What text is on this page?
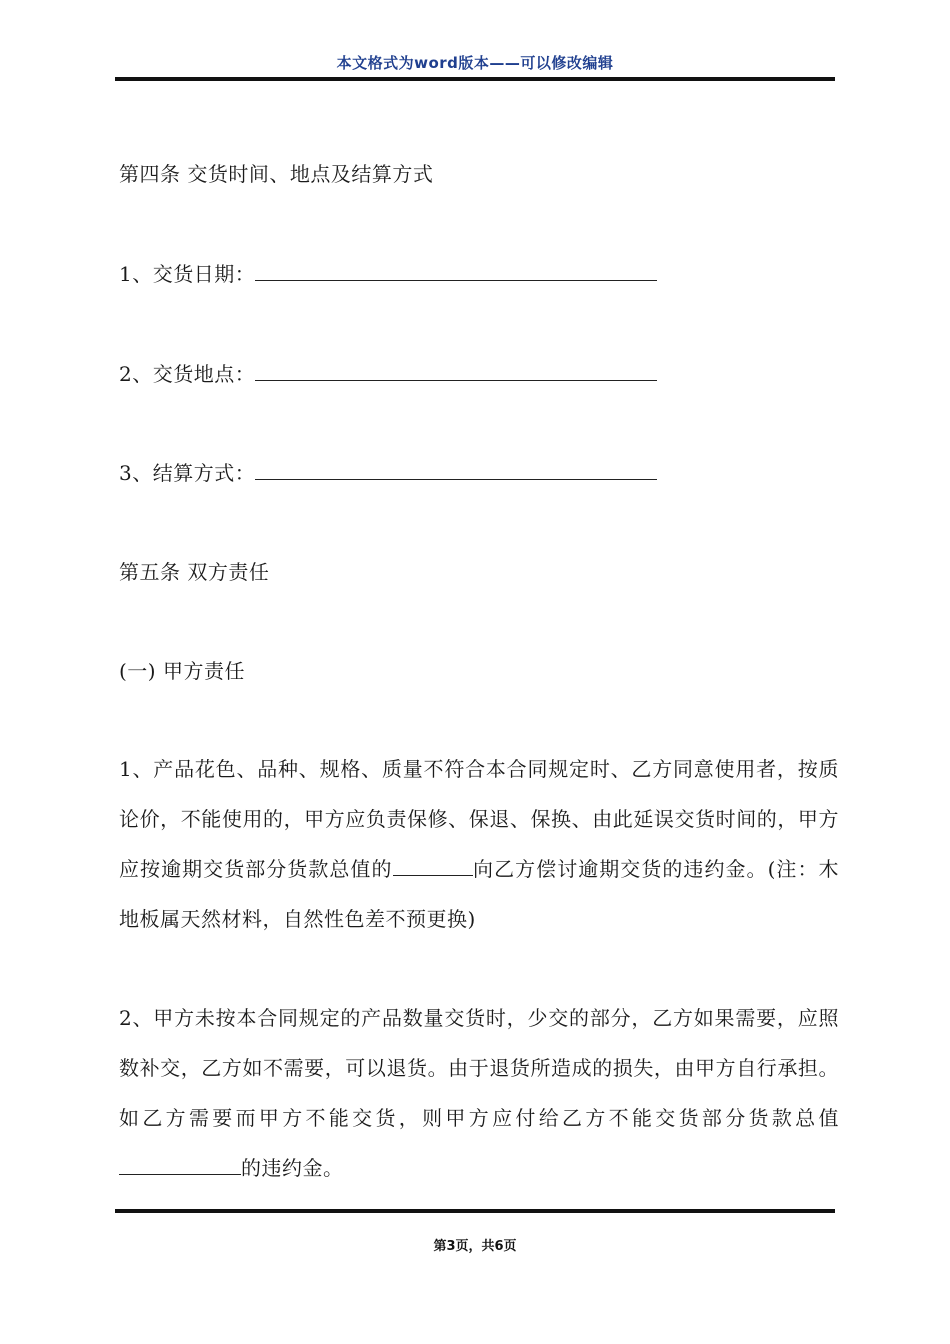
本文格式为word版本——可以修改编辑
第四条 交货时间、地点及结算方式
1、交货日期：
2、交货地点：
3、结算方式：
第五条 双方责任
(一) 甲方责任
1、产品花色、品种、规格、质量不符合本合同规定时、乙方同意使用者，按质论价，不能使用的，甲方应负责保修、保退、保换、由此延误交货时间的，甲方应按逾期交货部分货款总值的	向乙方偿讨逾期交货的违约金。(注：木地板属天然材料，自然性色差不预更换)
2、甲方未按本合同规定的产品数量交货时，少交的部分，乙方如果需要，应照数补交，乙方如不需要，可以退货。由于退货所造成的损失，由甲方自行承担。如乙方需要而甲方不能交货，则甲方应付给乙方不能交货部分货款总值的违约金。
第3页，共6页
